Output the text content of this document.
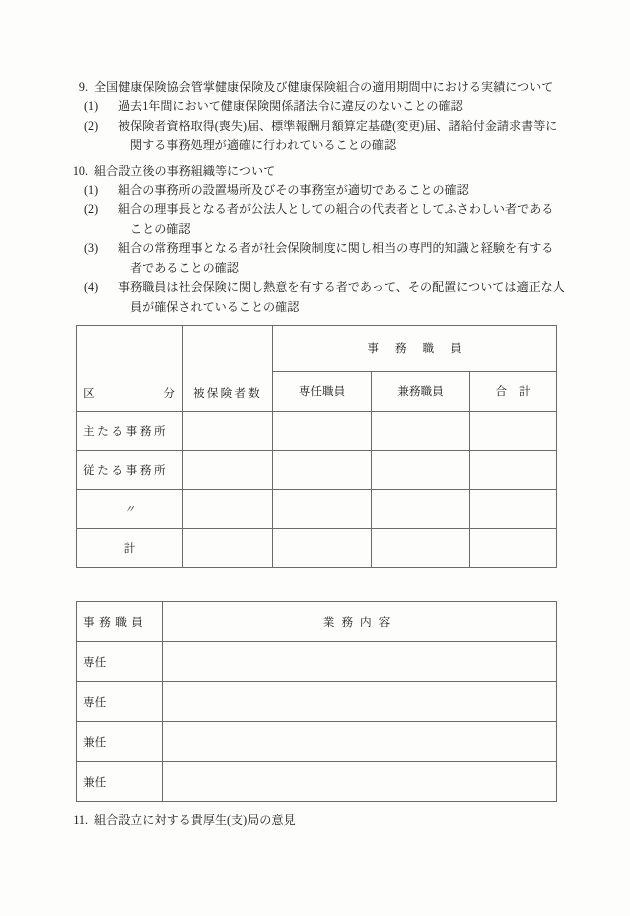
9. 全国健康保険協会管掌健康保険及び健康保険組合の適用期間中における実績について
(1)	過去1年間において健康保険関係諸法令に違反のないことの確認
(2)	被保険者資格取得(喪失)届、標準報酬月額算定基礎(変更)届、諸給付金請求書等に
関する事務処理が適確に行われていることの確認
10. 組合設立後の事務組織等について
(1)	組合の事務所の設置場所及びその事務室が適切であることの確認
(2)	組合の理事長となる者が公法人としての組合の代表者としてふさわしい者である
ことの確認
(3)	組合の常務理事となる者が社会保険制度に関し相当の専門的知識と経験を有する
者であることの確認
(4)	事務職員は社会保険に関し熱意を有する者であって、その配置については適正な人
員が確保されていることの確認
区 分	被保険者数	事務職員		
		専任職員	兼務職員	合計
主たる事務所				
従たる事務所				
〃				
計				
事務職員	業務内容
専任	
専任	
兼任	
兼任	
11. 組合設立に対する貴厚生(支)局の意見
